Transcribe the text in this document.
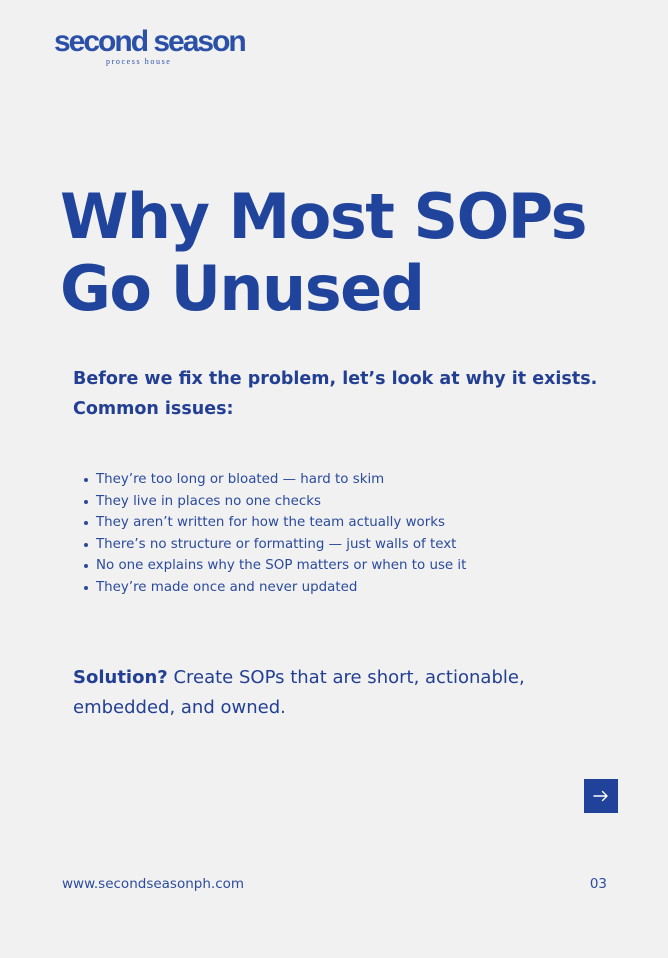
second season
process house
Why Most SOPs
Go Unused
Before we fix the problem, let’s look at why it exists.
Common issues:
They’re too long or bloated — hard to skim
They live in places no one checks
They aren’t written for how the team actually works
There’s no structure or formatting — just walls of text
No one explains why the SOP matters or when to use it
They’re made once and never updated

Solution? Create SOPs that are short, actionable, embedded, and owned.

www.secondseasonph.com	03
